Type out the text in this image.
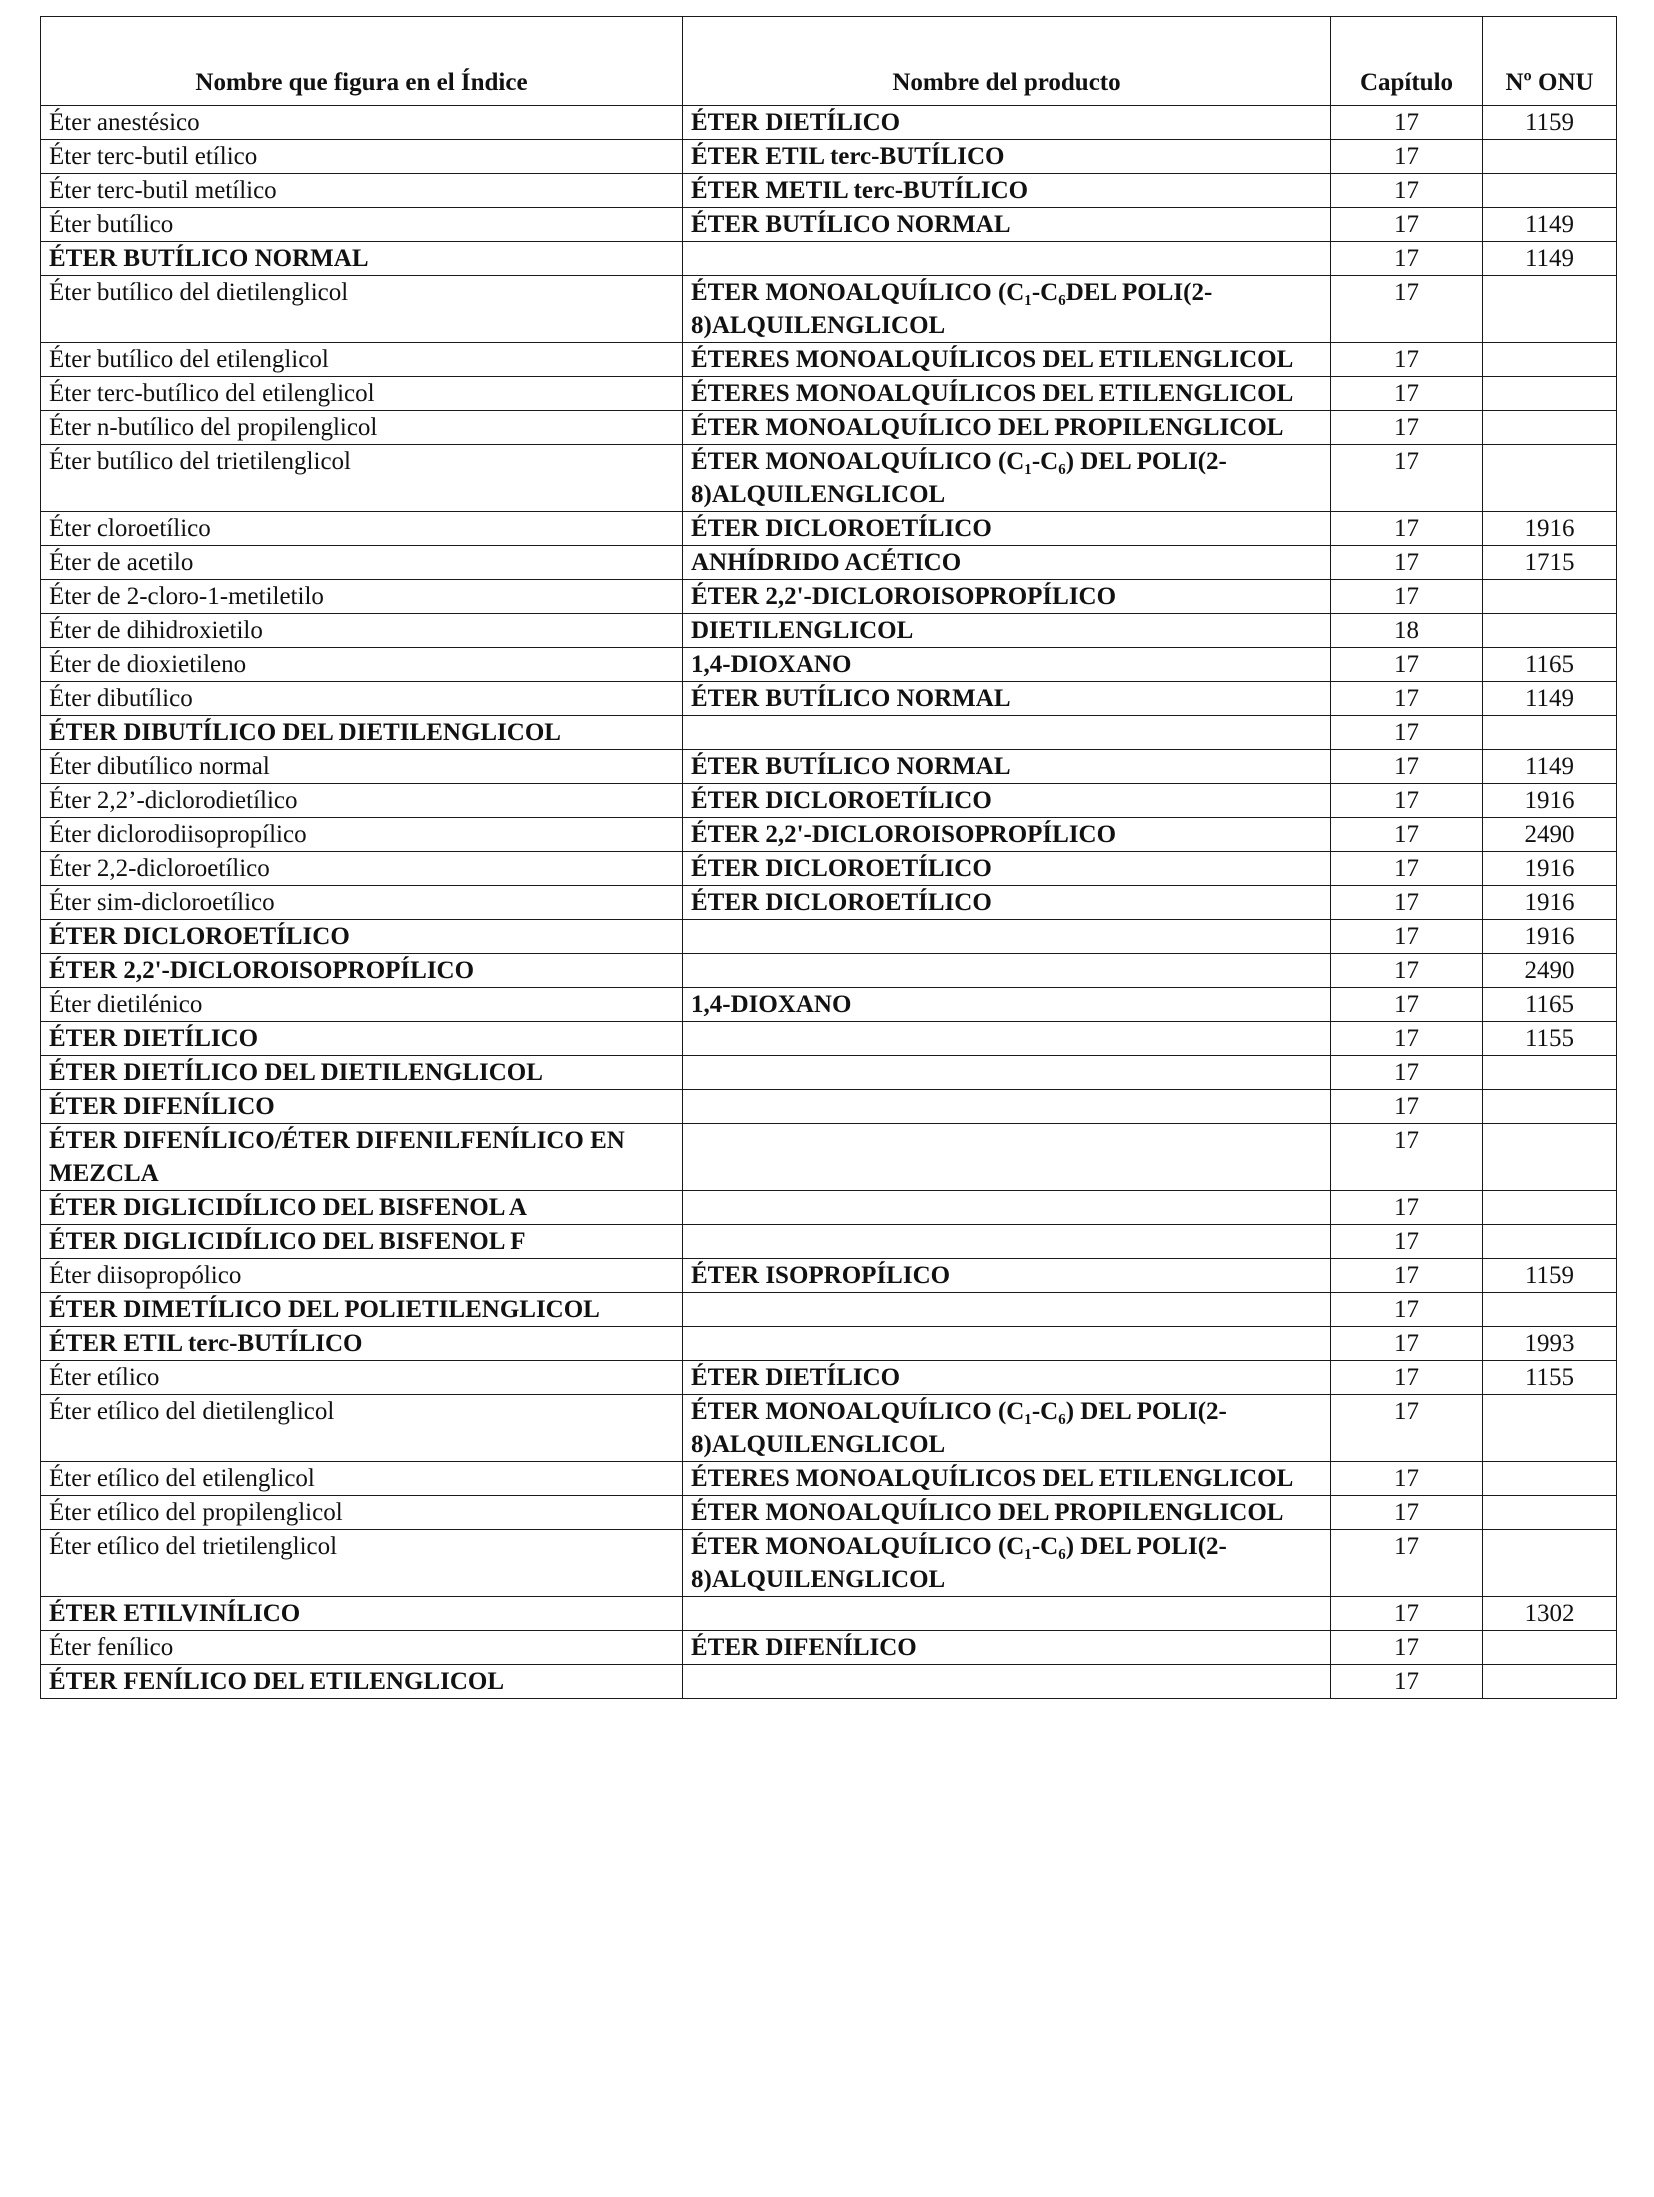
Nombre que figura en el Índice	Nombre del producto	Capítulo	Nº ONU
Éter anestésico	ÉTER DIETÍLICO	17	1159
Éter terc-butil etílico	ÉTER ETIL terc-BUTÍLICO	17	
Éter terc-butil metílico	ÉTER METIL terc-BUTÍLICO	17	
Éter butílico	ÉTER BUTÍLICO NORMAL	17	1149
ÉTER BUTÍLICO NORMAL		17	1149
Éter butílico del dietilenglicol	ÉTER MONOALQUÍLICO (C₁-C₆DEL POLI(2-8)ALQUILENGLICOL	17	
Éter butílico del etilenglicol	ÉTERES MONOALQUÍLICOS DEL ETILENGLICOL	17	
Éter terc-butílico del etilenglicol	ÉTERES MONOALQUÍLICOS DEL ETILENGLICOL	17	
Éter n-butílico del propilenglicol	ÉTER MONOALQUÍLICO DEL PROPILENGLICOL	17	
Éter butílico del trietilenglicol	ÉTER MONOALQUÍLICO (C₁-C₆) DEL POLI(2-8)ALQUILENGLICOL	17	
Éter cloroetílico	ÉTER DICLOROETÍLICO	17	1916
Éter de acetilo	ANHÍDRIDO ACÉTICO	17	1715
Éter de 2-cloro-1-metiletilo	ÉTER 2,2'-DICLOROISOPROPÍLICO	17	
Éter de dihidroxietilo	DIETILENGLICOL	18	
Éter de dioxietileno	1,4-DIOXANO	17	1165
Éter dibutílico	ÉTER BUTÍLICO NORMAL	17	1149
ÉTER DIBUTÍLICO DEL DIETILENGLICOL		17	
Éter dibutílico normal	ÉTER BUTÍLICO NORMAL	17	1149
Éter 2,2’-diclorodietílico	ÉTER DICLOROETÍLICO	17	1916
Éter diclorodiisopropílico	ÉTER 2,2'-DICLOROISOPROPÍLICO	17	2490
Éter 2,2-dicloroetílico	ÉTER DICLOROETÍLICO	17	1916
Éter sim-dicloroetílico	ÉTER DICLOROETÍLICO	17	1916
ÉTER DICLOROETÍLICO		17	1916
ÉTER 2,2'-DICLOROISOPROPÍLICO		17	2490
Éter dietilénico	1,4-DIOXANO	17	1165
ÉTER DIETÍLICO		17	1155
ÉTER DIETÍLICO DEL DIETILENGLICOL		17	
ÉTER DIFENÍLICO		17	
ÉTER DIFENÍLICO/ÉTER DIFENILFENÍLICO EN MEZCLA		17	
ÉTER DIGLICIDÍLICO DEL BISFENOL A		17	
ÉTER DIGLICIDÍLICO DEL BISFENOL F		17	
Éter diisopropólico	ÉTER ISOPROPÍLICO	17	1159
ÉTER DIMETÍLICO DEL POLIETILENGLICOL		17	
ÉTER ETIL terc-BUTÍLICO		17	1993
Éter etílico	ÉTER DIETÍLICO	17	1155
Éter etílico del dietilenglicol	ÉTER MONOALQUÍLICO (C₁-C₆) DEL POLI(2-8)ALQUILENGLICOL	17	
Éter etílico del etilenglicol	ÉTERES MONOALQUÍLICOS DEL ETILENGLICOL	17	
Éter etílico del propilenglicol	ÉTER MONOALQUÍLICO DEL PROPILENGLICOL	17	
Éter etílico del trietilenglicol	ÉTER MONOALQUÍLICO (C₁-C₆) DEL POLI(2-8)ALQUILENGLICOL	17	
ÉTER ETILVINÍLICO		17	1302
Éter fenílico	ÉTER DIFENÍLICO	17	
ÉTER FENÍLICO DEL ETILENGLICOL		17	
